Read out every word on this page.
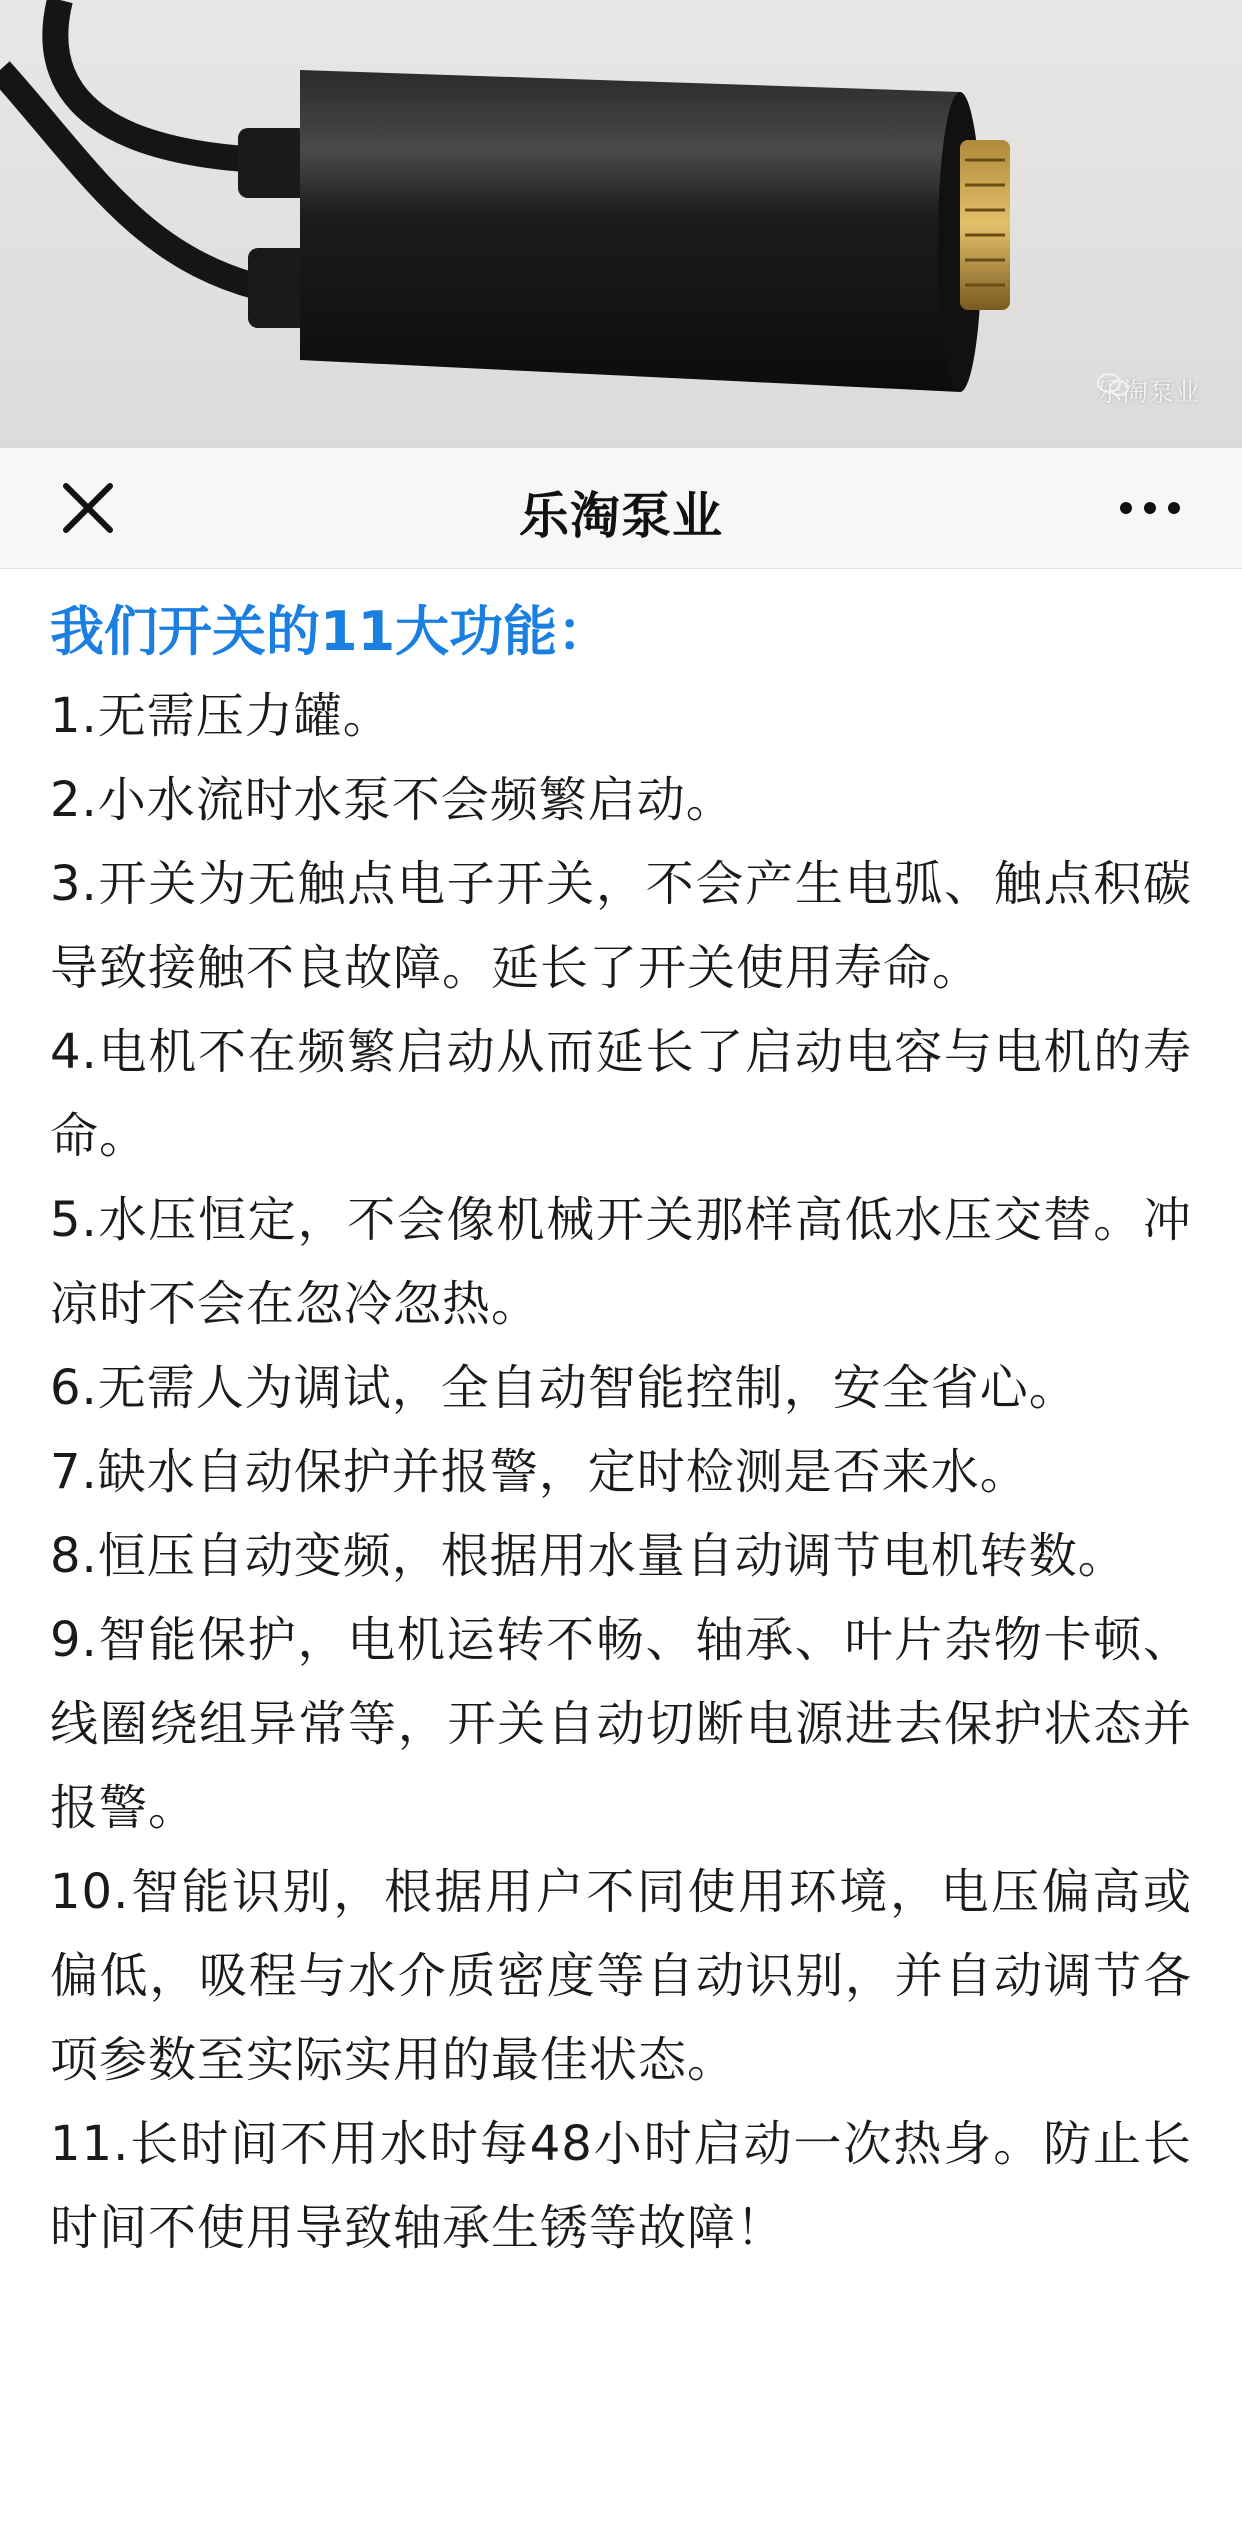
乐淘泵业
乐淘泵业

我们开关的11大功能：

1.无需压力罐。

2.小水流时水泵不会频繁启动。

3.开关为无触点电子开关，不会产生电弧、触点积碳导致接触不良故障。延长了开关使用寿命。

4.电机不在频繁启动从而延长了启动电容与电机的寿命。

5.水压恒定，不会像机械开关那样高低水压交替。冲凉时不会在忽冷忽热。

6.无需人为调试，全自动智能控制，安全省心。

7.缺水自动保护并报警，定时检测是否来水。

8.恒压自动变频，根据用水量自动调节电机转数。

9.智能保护，电机运转不畅、轴承、叶片杂物卡顿、线圈绕组异常等，开关自动切断电源进去保护状态并报警。

10.智能识别，根据用户不同使用环境，电压偏高或偏低，吸程与水介质密度等自动识别，并自动调节各项参数至实际实用的最佳状态。

11.长时间不用水时每48小时启动一次热身。防止长时间不使用导致轴承生锈等故障！
